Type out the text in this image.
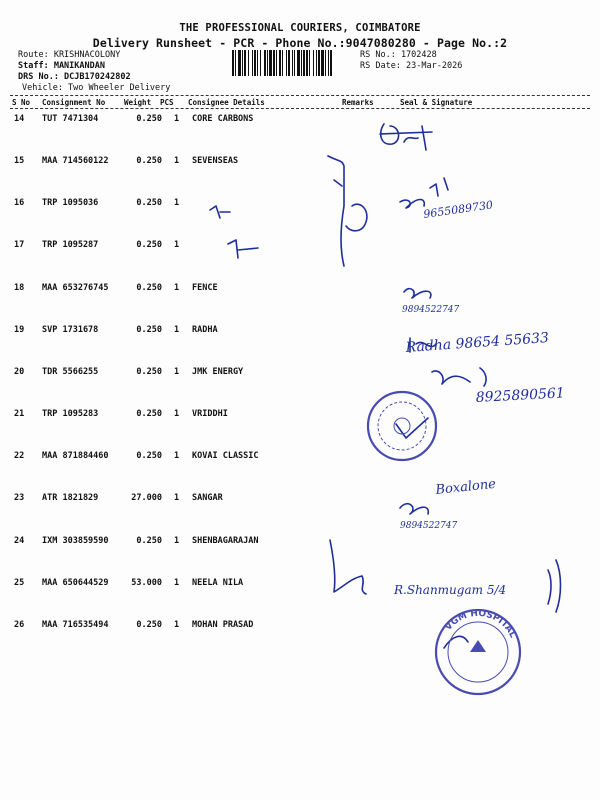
THE PROFESSIONAL COURIERS, COIMBATORE
Delivery Runsheet - PCR - Phone No.:9047080280 - Page No.:2
Route: KRISHNACOLONY
Staff: MANIKANDAN
DRS No.: DCJB170242802
Vehicle: Two Wheeler Delivery
RS No.: 1702428
RS Date: 23-Mar-2026
S No Consignment No	Weight PCS Consignee Details	Remarks	Seal & Signature
14 TUT 7471304	0.250 1 CORE CARBONS
15 MAA 714560122	0.250 1 SEVENSEAS
16 TRP 1095036	0.250 1
17 TRP 1095287	0.250 1
18 MAA 653276745	0.250 1 FENCE
19 SVP 1731678	0.250 1 RADHA
20 TDR 5566255	0.250 1 JMK ENERGY
21 TRP 1095283	0.250 1 VRIDDHI
22 MAA 871884460	0.250 1 KOVAI CLASSIC
23 ATR 1821829	27.000 1 SANGAR
24 IXM 303859590	0.250 1 SHENBAGARAJAN
25 MAA 650644529	53.000 1 NEELA NILA
26 MAA 716535494	0.250 1 MOHAN PRASAD
9655089730
9894522747
Radha 98654 55633
8925890561
Boxalone
9894522747
R.Shanmugam 5/4
VGM HOSPITAL
